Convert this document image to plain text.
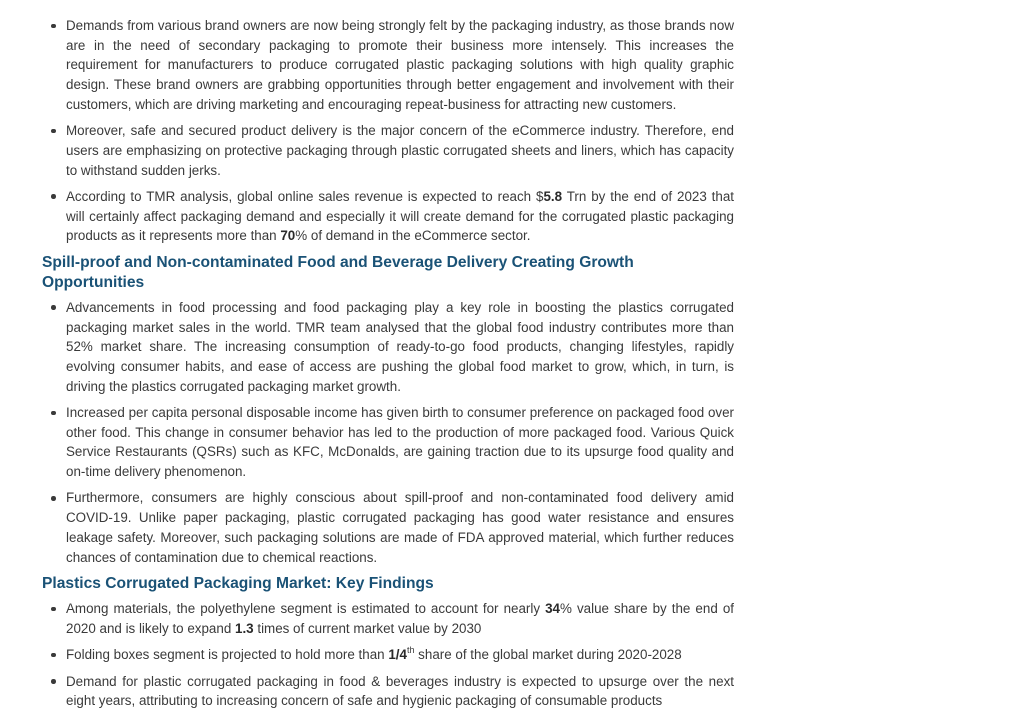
Demands from various brand owners are now being strongly felt by the packaging industry, as those brands now are in the need of secondary packaging to promote their business more intensely. This increases the requirement for manufacturers to produce corrugated plastic packaging solutions with high quality graphic design. These brand owners are grabbing opportunities through better engagement and involvement with their customers, which are driving marketing and encouraging repeat-business for attracting new customers.
Moreover, safe and secured product delivery is the major concern of the eCommerce industry. Therefore, end users are emphasizing on protective packaging through plastic corrugated sheets and liners, which has capacity to withstand sudden jerks.
According to TMR analysis, global online sales revenue is expected to reach $5.8 Trn by the end of 2023 that will certainly affect packaging demand and especially it will create demand for the corrugated plastic packaging products as it represents more than 70% of demand in the eCommerce sector.
Spill-proof and Non-contaminated Food and Beverage Delivery Creating Growth Opportunities
Advancements in food processing and food packaging play a key role in boosting the plastics corrugated packaging market sales in the world. TMR team analysed that the global food industry contributes more than 52% market share. The increasing consumption of ready-to-go food products, changing lifestyles, rapidly evolving consumer habits, and ease of access are pushing the global food market to grow, which, in turn, is driving the plastics corrugated packaging market growth.
Increased per capita personal disposable income has given birth to consumer preference on packaged food over other food. This change in consumer behavior has led to the production of more packaged food. Various Quick Service Restaurants (QSRs) such as KFC, McDonalds, are gaining traction due to its upsurge food quality and on-time delivery phenomenon.
Furthermore, consumers are highly conscious about spill-proof and non-contaminated food delivery amid COVID-19. Unlike paper packaging, plastic corrugated packaging has good water resistance and ensures leakage safety. Moreover, such packaging solutions are made of FDA approved material, which further reduces chances of contamination due to chemical reactions.
Plastics Corrugated Packaging Market: Key Findings
Among materials, the polyethylene segment is estimated to account for nearly 34% value share by the end of 2020 and is likely to expand 1.3 times of current market value by 2030
Folding boxes segment is projected to hold more than 1/4th share of the global market during 2020-2028
Demand for plastic corrugated packaging in food & beverages industry is expected to upsurge over the next eight years, attributing to increasing concern of safe and hygienic packaging of consumable products
